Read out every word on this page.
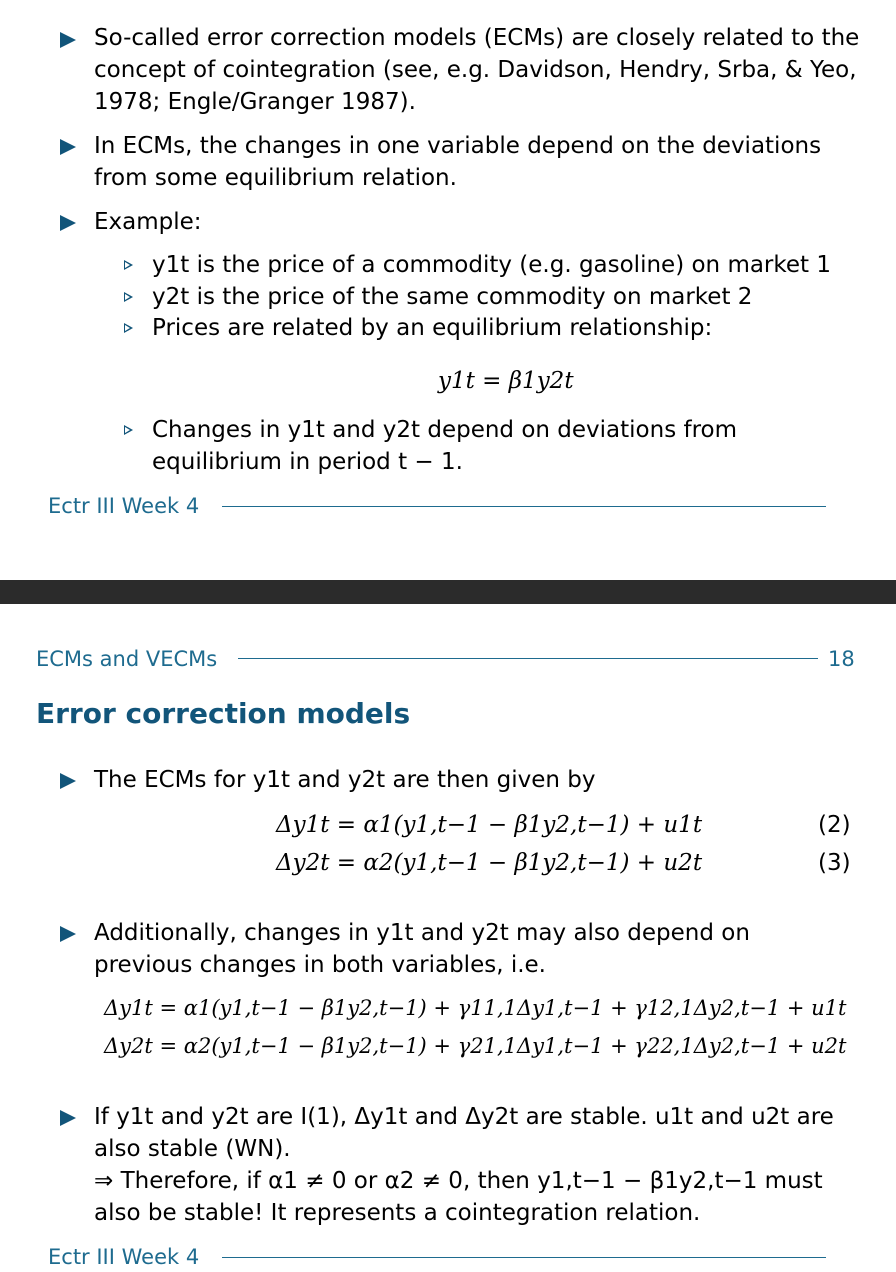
So-called error correction models (ECMs) are closely related to the concept of cointegration (see, e.g. Davidson, Hendry, Srba, & Yeo, 1978; Engle/Granger 1987).
In ECMs, the changes in one variable depend on the deviations from some equilibrium relation.
Example:
y1t is the price of a commodity (e.g. gasoline) on market 1
y2t is the price of the same commodity on market 2
Prices are related by an equilibrium relationship:
y1t = β1y2t
Changes in y1t and y2t depend on deviations from equilibrium in period t − 1.
Ectr III Week 4
ECMs and VECMs	18
Error correction models
The ECMs for y1t and y2t are then given by
Δy1t = α1(y1,t−1 − β1y2,t−1) + u1t	(2)
Δy2t = α2(y1,t−1 − β1y2,t−1) + u2t	(3)
Additionally, changes in y1t and y2t may also depend on previous changes in both variables, i.e.
Δy1t = α1(y1,t−1 − β1y2,t−1) + γ11,1Δy1,t−1 + γ12,1Δy2,t−1 + u1t
Δy2t = α2(y1,t−1 − β1y2,t−1) + γ21,1Δy1,t−1 + γ22,1Δy2,t−1 + u2t
If y1t and y2t are I(1), Δy1t and Δy2t are stable. u1t and u2t are also stable (WN).
⇒ Therefore, if α1 ≠ 0 or α2 ≠ 0, then y1,t−1 − β1y2,t−1 must also be stable! It represents a cointegration relation.
Ectr III Week 4
